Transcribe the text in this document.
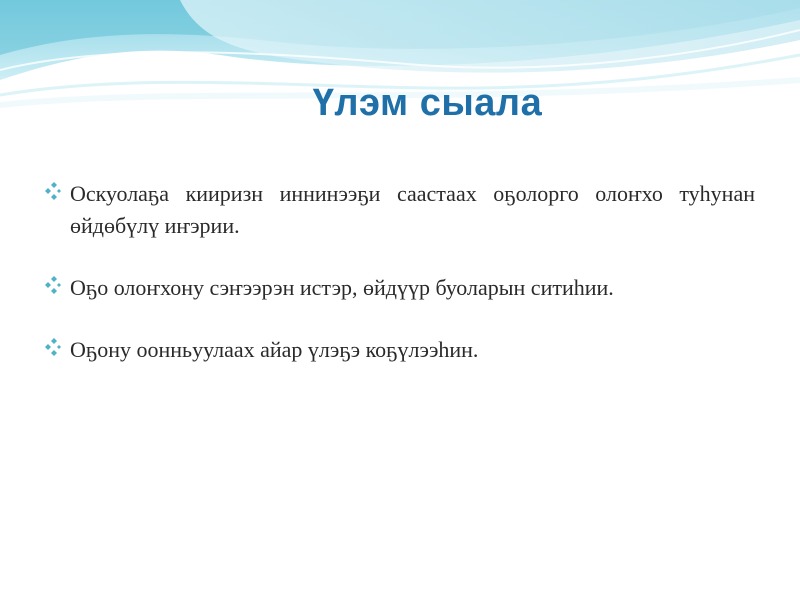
Үлэм сыала
Оскуолаҕа кииризн иннинээҕи саастаах оҕолорго олоҥхо туһунан өйдөбүлү иҥэрии.
Оҕо олоҥхону сэҥээрэн истэр, өйдүүр буоларын ситиһии.
Оҕону оонньуулаах айар үлэҕэ коҕүлээһин.
